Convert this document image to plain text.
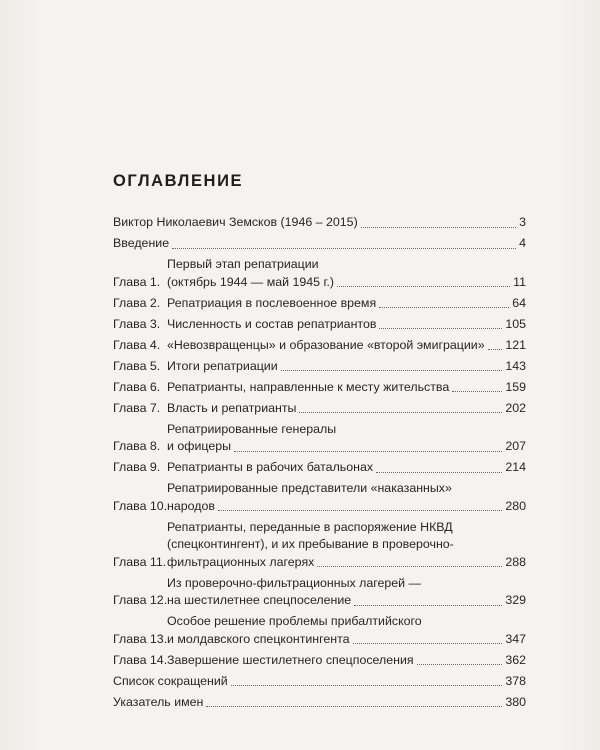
ОГЛАВЛЕНИЕ
Виктор Николаевич Земсков (1946 – 2015)	3
Введение	4
Глава 1.
Первый этап репатриации
(октябрь 1944 — май 1945 г.)	11
Глава 2. Репатриация в послевоенное время	64
Глава 3. Численность и состав репатриантов	105
Глава 4. «Невозвращенцы» и образование «второй эмиграции» 121
Глава 5. Итоги репатриации	143
Глава 6. Репатрианты, направленные к месту жительства	159
Глава 7. Власть и репатрианты	202
Глава 8.
Репатриированные генералы
и офицеры	207
Глава 9. Репатрианты в рабочих батальонах	214
Глава 10.
Репатриированные представители «наказанных»
народов	280
Глава 11.
Репатрианты, переданные в распоряжение НКВД
(спецконтингент), и их пребывание в проверочно-
фильтрационных лагерях	288
Глава 12.
Из проверочно-фильтрационных лагерей —
на шестилетнее спецпоселение	329
Глава 13.
Особое решение проблемы прибалтийского
и молдавского спецконтингента	347
Глава 14. Завершение шестилетнего спецпоселения	362
Список сокращений	378
Указатель имен	380
